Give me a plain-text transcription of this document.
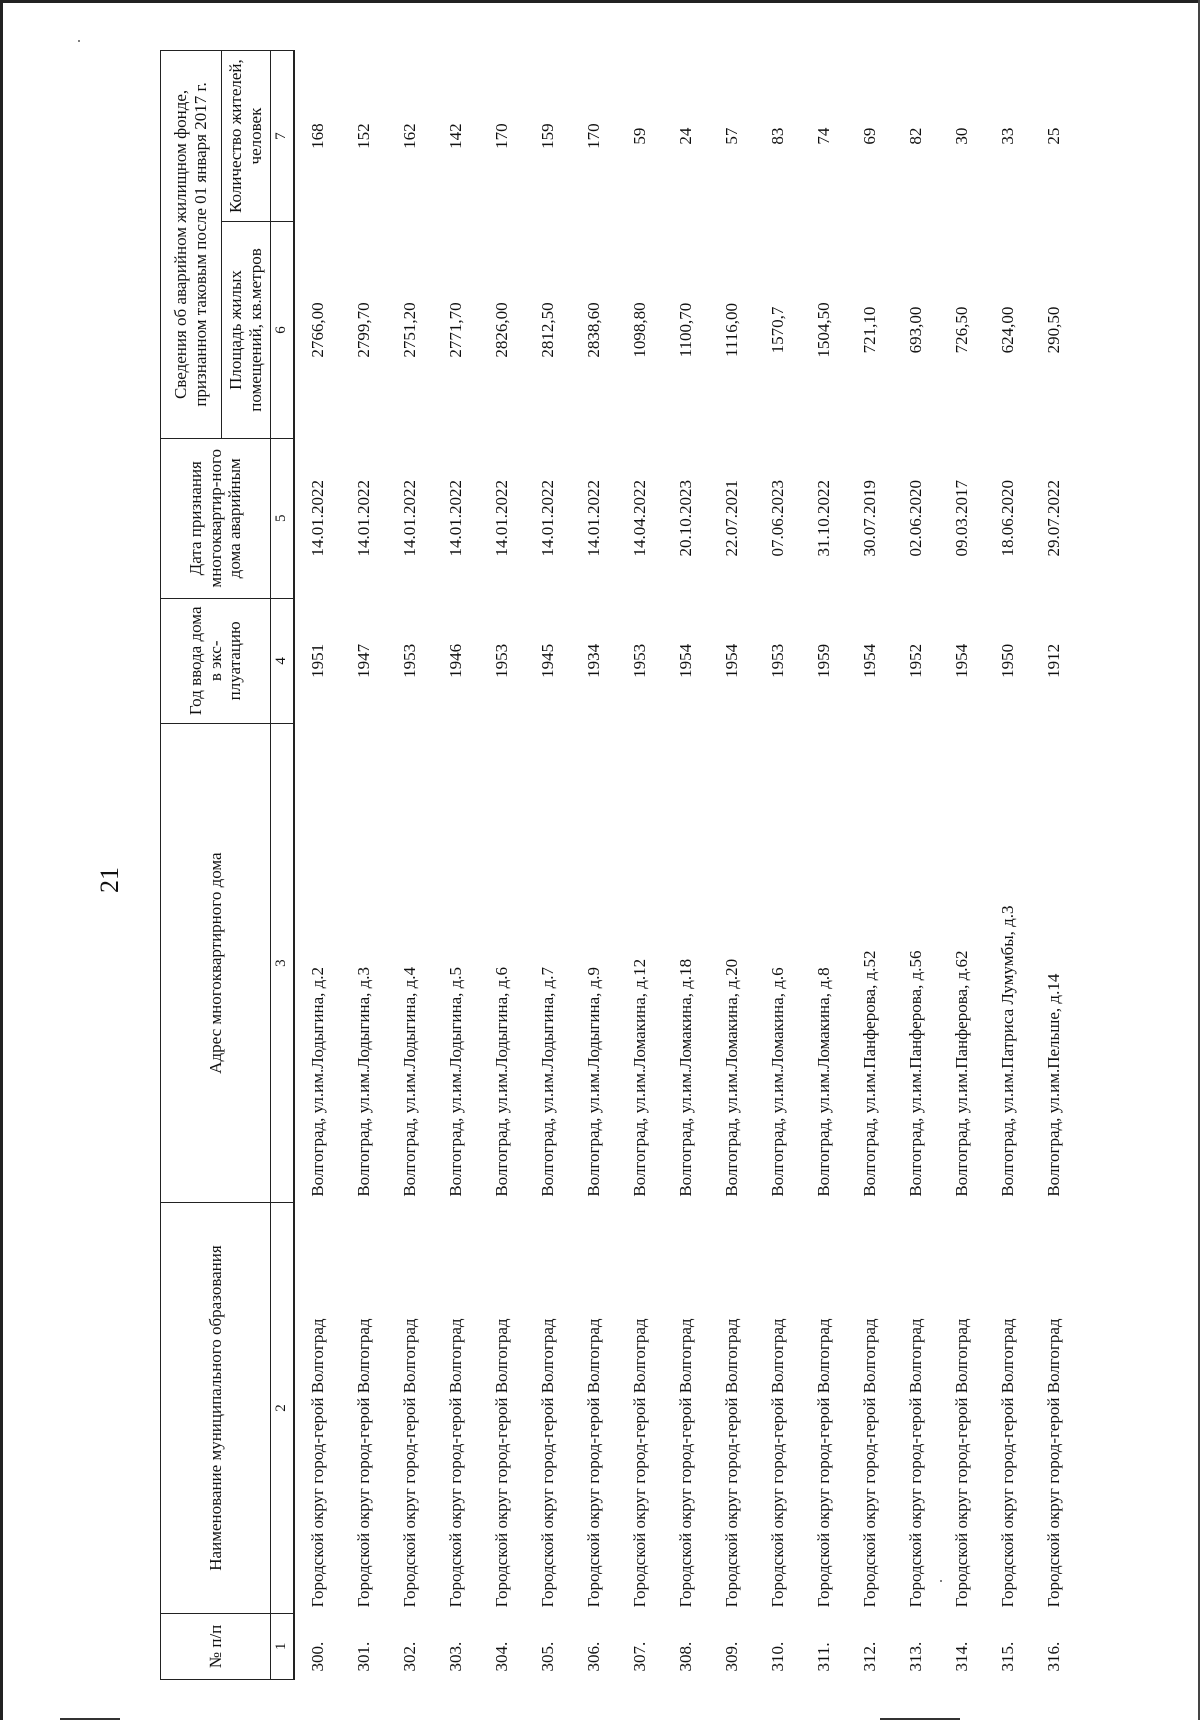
21
№ п/п	Наименование муниципального образования	Адрес многоквартирного дома	Год ввода дома в экс-плуатацию	Дата признания многоквартир-ного дома аварийным	Сведения об аварийном жилищном фонде, признанном таковым после 01 января 2017 г.	
					Площадь жилых помещений, кв.метров	Количество жителей, человек
1	2	3	4	5	6	7
300.	Городской округ город-герой Волгоград	Волгоград, ул.им.Лодыгина, д.2	1951	14.01.2022	2766,00	168
301.	Городской округ город-герой Волгоград	Волгоград, ул.им.Лодыгина, д.3	1947	14.01.2022	2799,70	152
302.	Городской округ город-герой Волгоград	Волгоград, ул.им.Лодыгина, д.4	1953	14.01.2022	2751,20	162
303.	Городской округ город-герой Волгоград	Волгоград, ул.им.Лодыгина, д.5	1946	14.01.2022	2771,70	142
304.	Городской округ город-герой Волгоград	Волгоград, ул.им.Лодыгина, д.6	1953	14.01.2022	2826,00	170
305.	Городской округ город-герой Волгоград	Волгоград, ул.им.Лодыгина, д.7	1945	14.01.2022	2812,50	159
306.	Городской округ город-герой Волгоград	Волгоград, ул.им.Лодыгина, д.9	1934	14.01.2022	2838,60	170
307.	Городской округ город-герой Волгоград	Волгоград, ул.им.Ломакина, д.12	1953	14.04.2022	1098,80	59
308.	Городской округ город-герой Волгоград	Волгоград, ул.им.Ломакина, д.18	1954	20.10.2023	1100,70	24
309.	Городской округ город-герой Волгоград	Волгоград, ул.им.Ломакина, д.20	1954	22.07.2021	1116,00	57
310.	Городской округ город-герой Волгоград	Волгоград, ул.им.Ломакина, д.6	1953	07.06.2023	1570,7	83
311.	Городской округ город-герой Волгоград	Волгоград, ул.им.Ломакина, д.8	1959	31.10.2022	1504,50	74
312.	Городской округ город-герой Волгоград	Волгоград, ул.им.Панферова, д.52	1954	30.07.2019	721,10	69
313.	Городской округ город-герой Волгоград	Волгоград, ул.им.Панферова, д.56	1952	02.06.2020	693,00	82
314.	Городской округ город-герой Волгоград	Волгоград, ул.им.Панферова, д.62	1954	09.03.2017	726,50	30
315.	Городской округ город-герой Волгоград	Волгоград, ул.им.Патриса Лумумбы, д.3	1950	18.06.2020	624,00	33
316.	Городской округ город-герой Волгоград	Волгоград, ул.им.Пельше, д.14	1912	29.07.2022	290,50	25
